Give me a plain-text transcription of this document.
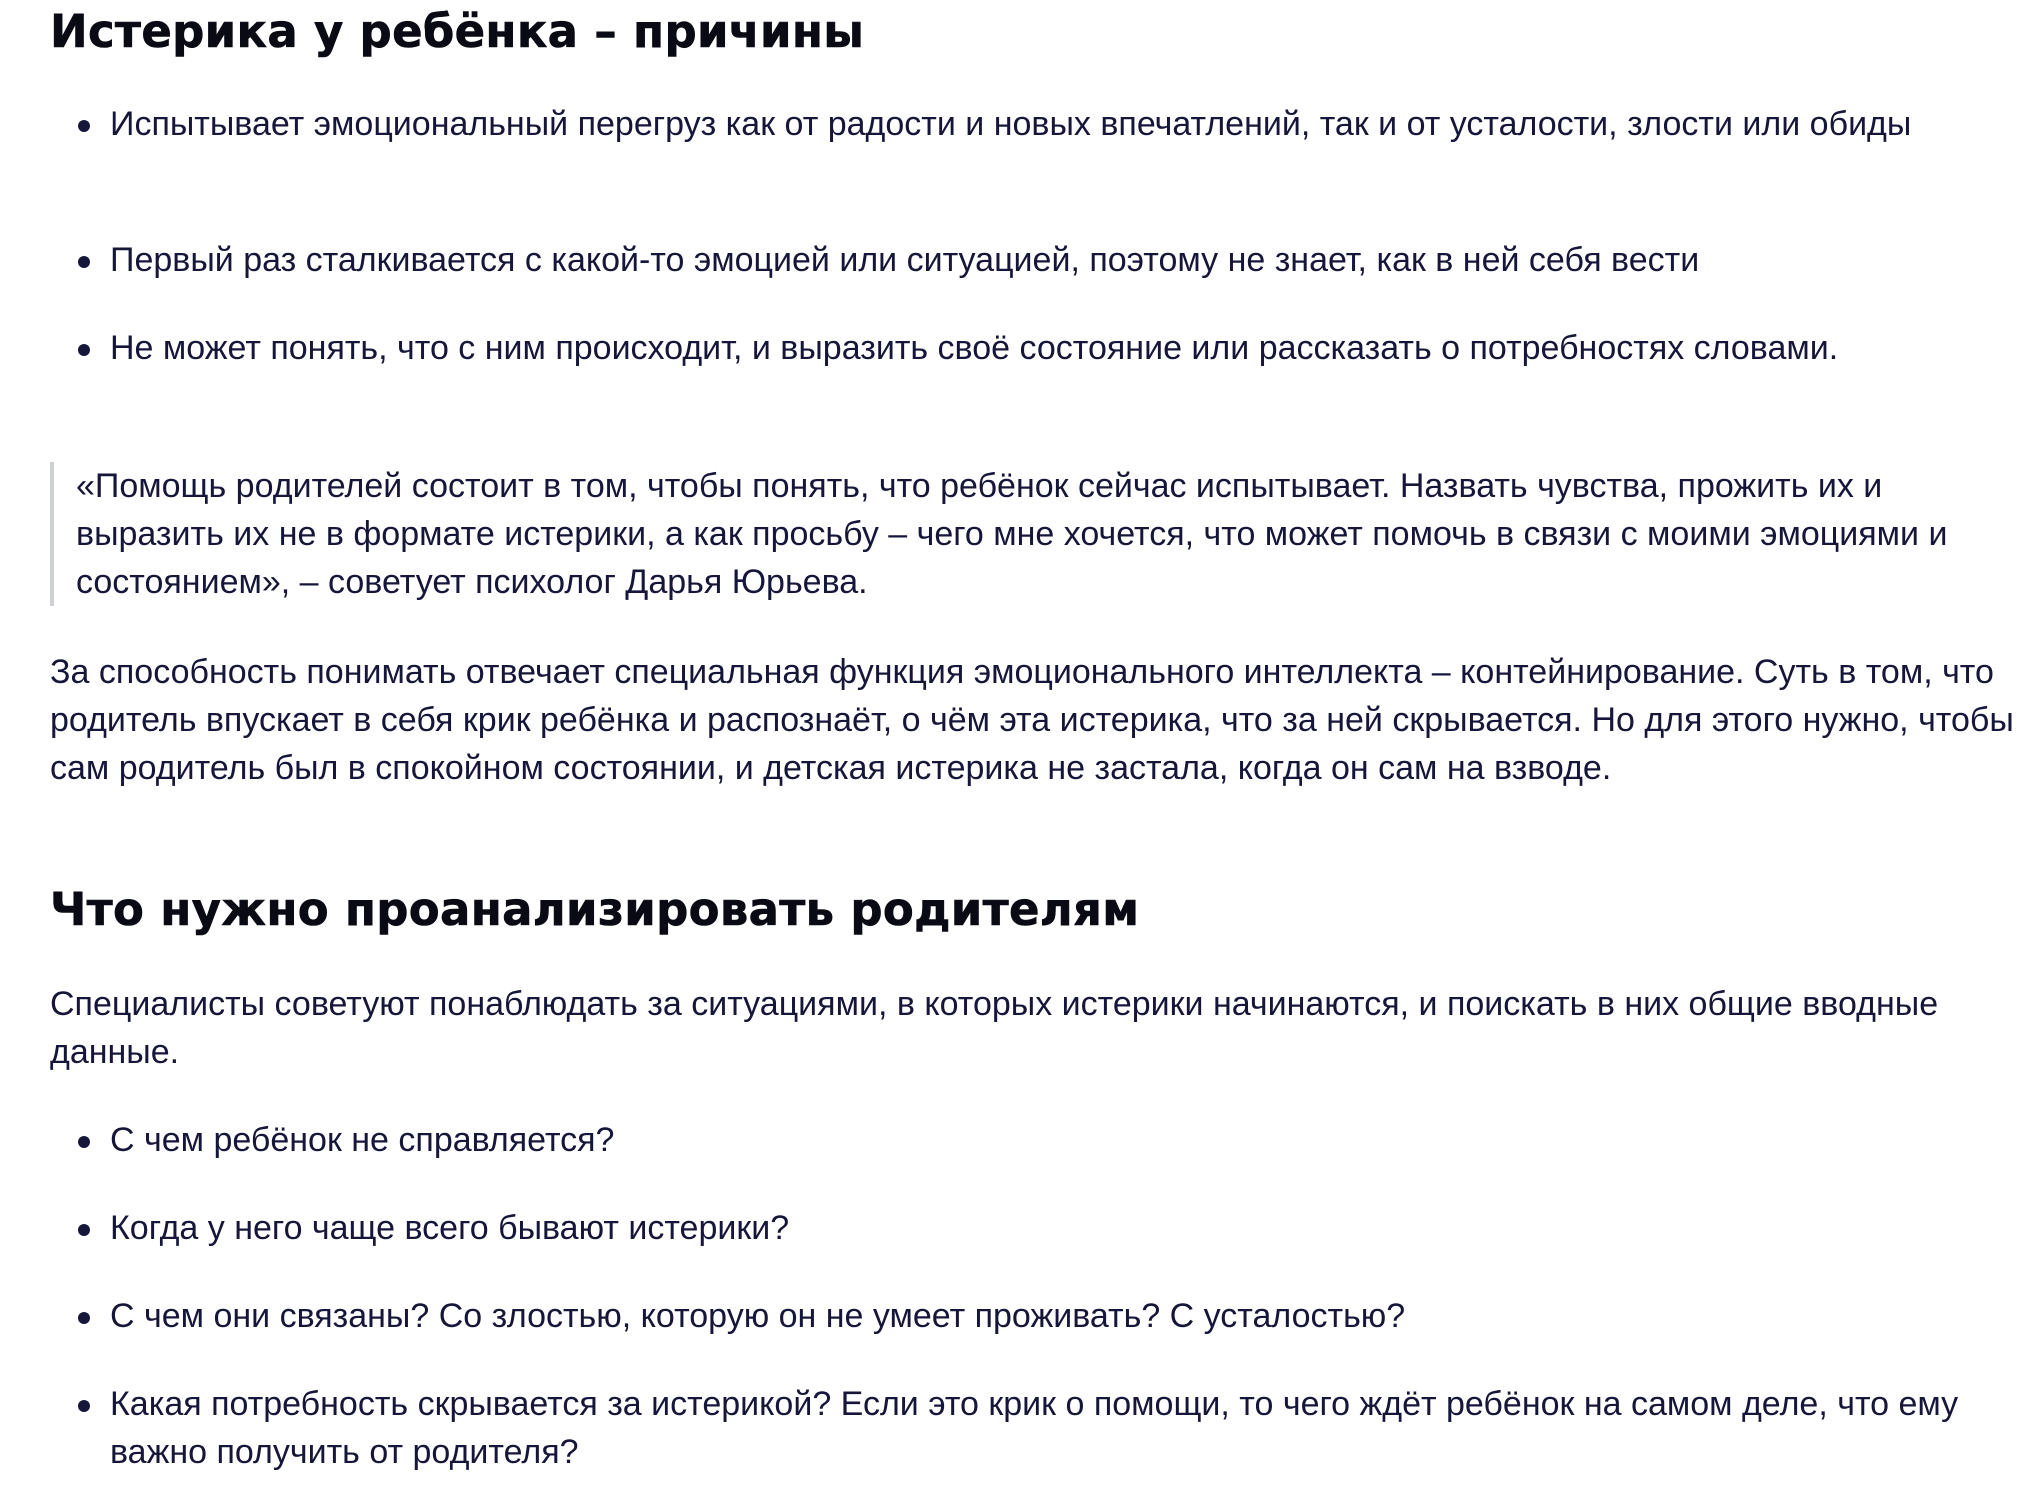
Истерика у ребёнка – причины

Испытывает эмоциональный перегруз как от радости и новых впечатлений, так и от усталости, злости или обиды

Первый раз сталкивается с какой-то эмоцией или ситуацией, поэтому не знает, как в ней себя вести

Не может понять, что с ним происходит, и выразить своё состояние или рассказать о потребностях словами.

«Помощь родителей состоит в том, чтобы понять, что ребёнок сейчас испытывает. Назвать чувства, прожить их и выразить их не в формате истерики, а как просьбу – чего мне хочется, что может помочь в связи с моими эмоциями и состоянием», – советует психолог Дарья Юрьева.

За способность понимать отвечает специальная функция эмоционального интеллекта – контейнирование. Суть в том, что родитель впускает в себя крик ребёнка и распознаёт, о чём эта истерика, что за ней скрывается. Но для этого нужно, чтобы сам родитель был в спокойном состоянии, и детская истерика не застала, когда он сам на взводе.

Что нужно проанализировать родителям

Специалисты советуют понаблюдать за ситуациями, в которых истерики начинаются, и поискать в них общие вводные данные.

С чем ребёнок не справляется?

Когда у него чаще всего бывают истерики?

С чем они связаны? Со злостью, которую он не умеет проживать? С усталостью?

Какая потребность скрывается за истерикой? Если это крик о помощи, то чего ждёт ребёнок на самом деле, что ему важно получить от родителя?
